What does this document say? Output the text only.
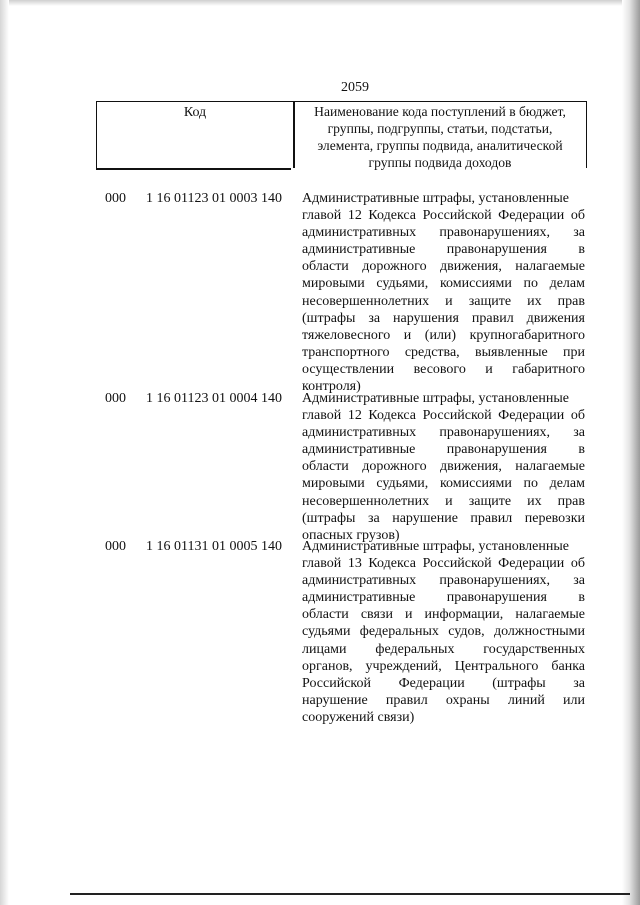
2059
Код	Наименование кода поступлений в бюджет,
группы, подгруппы, статьи, подстатьи,
элемента, группы подвида, аналитической
группы подвида доходов
000 1 16 01123 01 0003 140 Административные штрафы, установленные
главой 12 Кодекса Российской Федерации об
административных правонарушениях, за
административные правонарушения в
области дорожного движения, налагаемые
мировыми судьями, комиссиями по делам
несовершеннолетних и защите их прав
(штрафы за нарушения правил движения
тяжеловесного и (или) крупногабаритного
транспортного средства, выявленные при
осуществлении весового и габаритного
контроля)
000 1 16 01123 01 0004 140 Административные штрафы, установленные
главой 12 Кодекса Российской Федерации об
административных правонарушениях, за
административные правонарушения в
области дорожного движения, налагаемые
мировыми судьями, комиссиями по делам
несовершеннолетних и защите их прав
(штрафы за нарушение правил перевозки
опасных грузов)
000 1 16 01131 01 0005 140 Административные штрафы, установленные
главой 13 Кодекса Российской Федерации об
административных правонарушениях, за
административные правонарушения в
области связи и информации, налагаемые
судьями федеральных судов, должностными
лицами федеральных государственных
органов, учреждений, Центрального банка
Российской Федерации (штрафы за
нарушение правил охраны линий или
сооружений связи)
